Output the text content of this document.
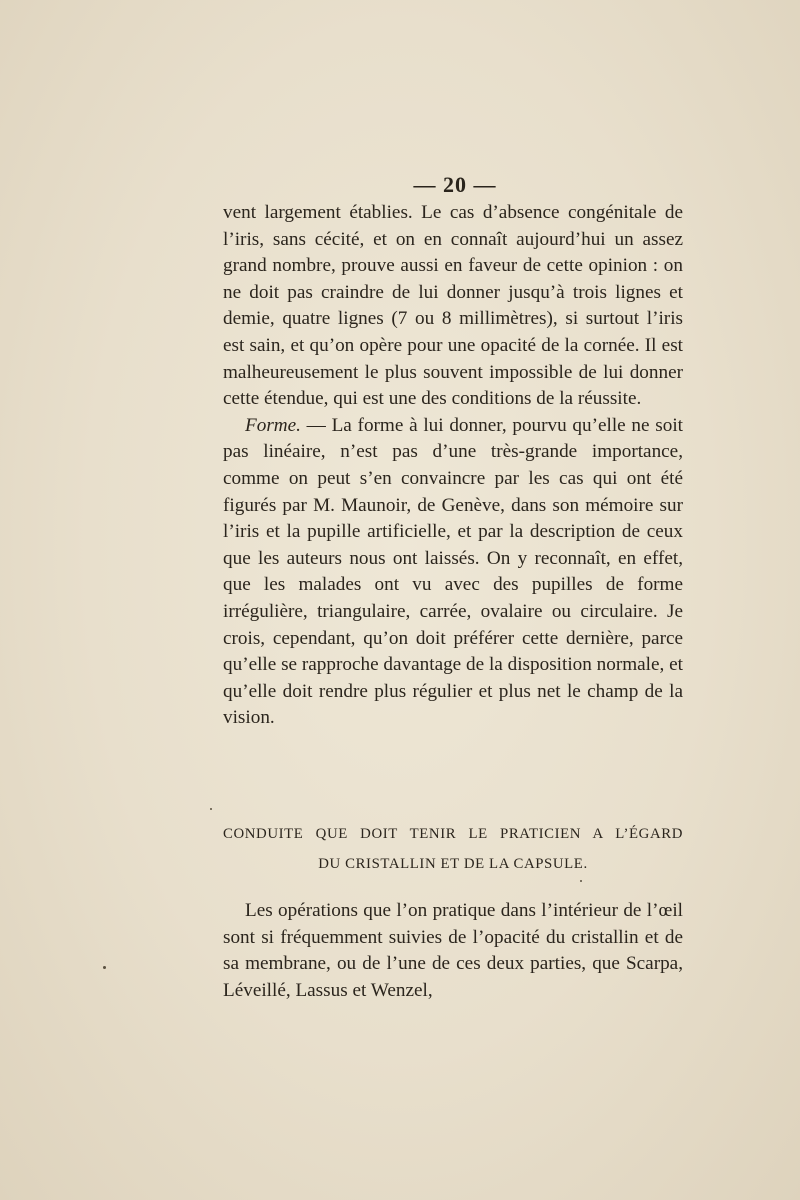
— 20 —

vent largement établies. Le cas d’absence congénitale de l’iris, sans cécité, et on en connaît aujourd’hui un assez grand nombre, prouve aussi en faveur de cette opinion : on ne doit pas craindre de lui donner jusqu’à trois lignes et demie, quatre lignes (7 ou 8 millimètres), si surtout l’iris est sain, et qu’on opère pour une opacité de la cornée. Il est malheureusement le plus souvent impossible de lui donner cette étendue, qui est une des conditions de la réussite.

Forme. — La forme à lui donner, pourvu qu’elle ne soit pas linéaire, n’est pas d’une très-grande importance, comme on peut s’en convaincre par les cas qui ont été figurés par M. Maunoir, de Genève, dans son mémoire sur l’iris et la pupille artificielle, et par la description de ceux que les auteurs nous ont laissés. On y reconnaît, en effet, que les malades ont vu avec des pupilles de forme irrégulière, triangulaire, carrée, ovalaire ou circulaire. Je crois, cependant, qu’on doit préférer cette dernière, parce qu’elle se rapproche davantage de la disposition normale, et qu’elle doit rendre plus régulier et plus net le champ de la vision.

CONDUITE QUE DOIT TENIR LE PRATICIEN A L’ÉGARD
DU CRISTALLIN ET DE LA CAPSULE.

Les opérations que l’on pratique dans l’intérieur de l’œil sont si fréquemment suivies de l’opacité du cristallin et de sa membrane, ou de l’une de ces deux parties, que Scarpa, Léveillé, Lassus et Wenzel,
